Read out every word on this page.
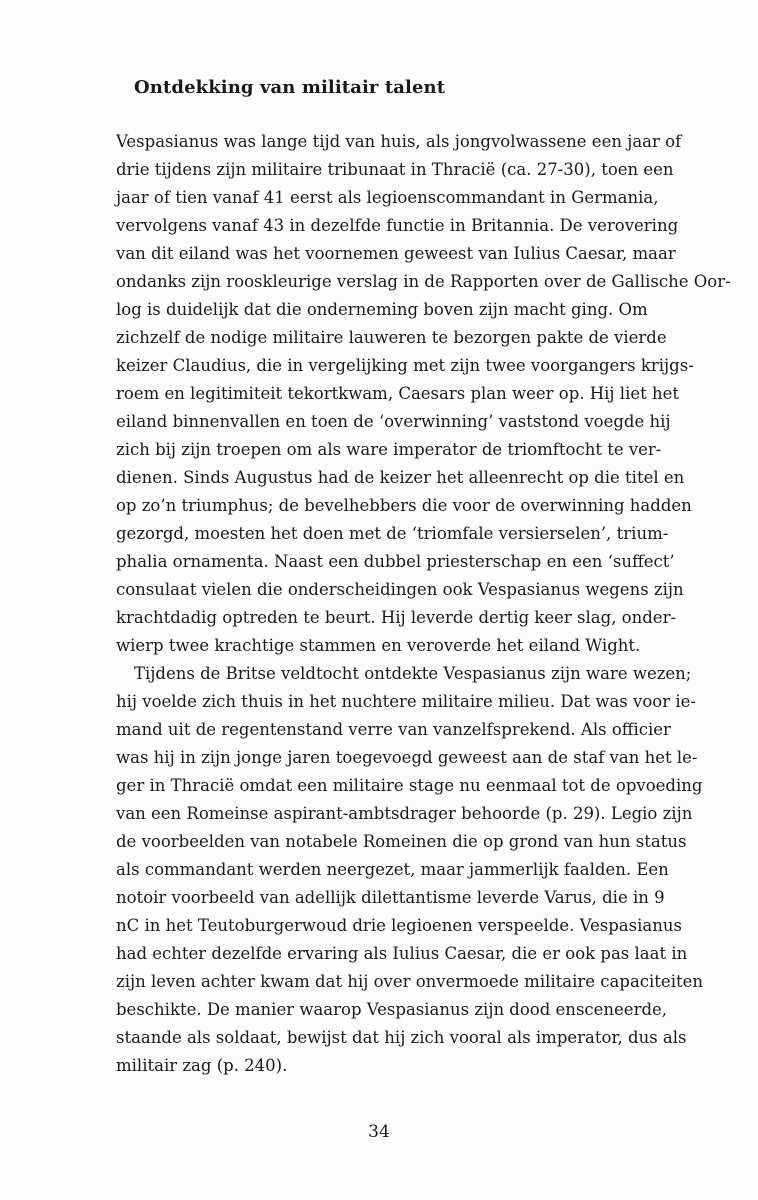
Ontdekking van militair talent
Vespasianus was lange tijd van huis, als jongvolwassene een jaar of
drie tijdens zijn militaire tribunaat in Thracië (ca. 27-30), toen een
jaar of tien vanaf 41 eerst als legioenscommandant in Germania,
vervolgens vanaf 43 in dezelfde functie in Britannia. De verovering
van dit eiland was het voornemen geweest van Iulius Caesar, maar
ondanks zijn rooskleurige verslag in de Rapporten over de Gallische Oor-
log is duidelijk dat die onderneming boven zijn macht ging. Om
zichzelf de nodige militaire lauweren te bezorgen pakte de vierde
keizer Claudius, die in vergelijking met zijn twee voorgangers krijgs-
roem en legitimiteit tekortkwam, Caesars plan weer op. Hij liet het
eiland binnenvallen en toen de ‘overwinning’ vaststond voegde hij
zich bij zijn troepen om als ware imperator de triomftocht te ver-
dienen. Sinds Augustus had de keizer het alleenrecht op die titel en
op zo’n triumphus; de bevelhebbers die voor de overwinning hadden
gezorgd, moesten het doen met de ‘triomfale versierselen’, trium-
phalia ornamenta. Naast een dubbel priesterschap en een ‘suffect’
consulaat vielen die onderscheidingen ook Vespasianus wegens zijn
krachtdadig optreden te beurt. Hij leverde dertig keer slag, onder-
wierp twee krachtige stammen en veroverde het eiland Wight.
Tijdens de Britse veldtocht ontdekte Vespasianus zijn ware wezen;
hij voelde zich thuis in het nuchtere militaire milieu. Dat was voor ie-
mand uit de regentenstand verre van vanzelfsprekend. Als officier
was hij in zijn jonge jaren toegevoegd geweest aan de staf van het le-
ger in Thracië omdat een militaire stage nu eenmaal tot de opvoeding
van een Romeinse aspirant-ambtsdrager behoorde (p. 29). Legio zijn
de voorbeelden van notabele Romeinen die op grond van hun status
als commandant werden neergezet, maar jammerlijk faalden. Een
notoir voorbeeld van adellijk dilettantisme leverde Varus, die in 9
nC in het Teutoburgerwoud drie legioenen verspeelde. Vespasianus
had echter dezelfde ervaring als Iulius Caesar, die er ook pas laat in
zijn leven achter kwam dat hij over onvermoede militaire capaciteiten
beschikte. De manier waarop Vespasianus zijn dood ensceneerde,
staande als soldaat, bewijst dat hij zich vooral als imperator, dus als
militair zag (p. 240).
34
